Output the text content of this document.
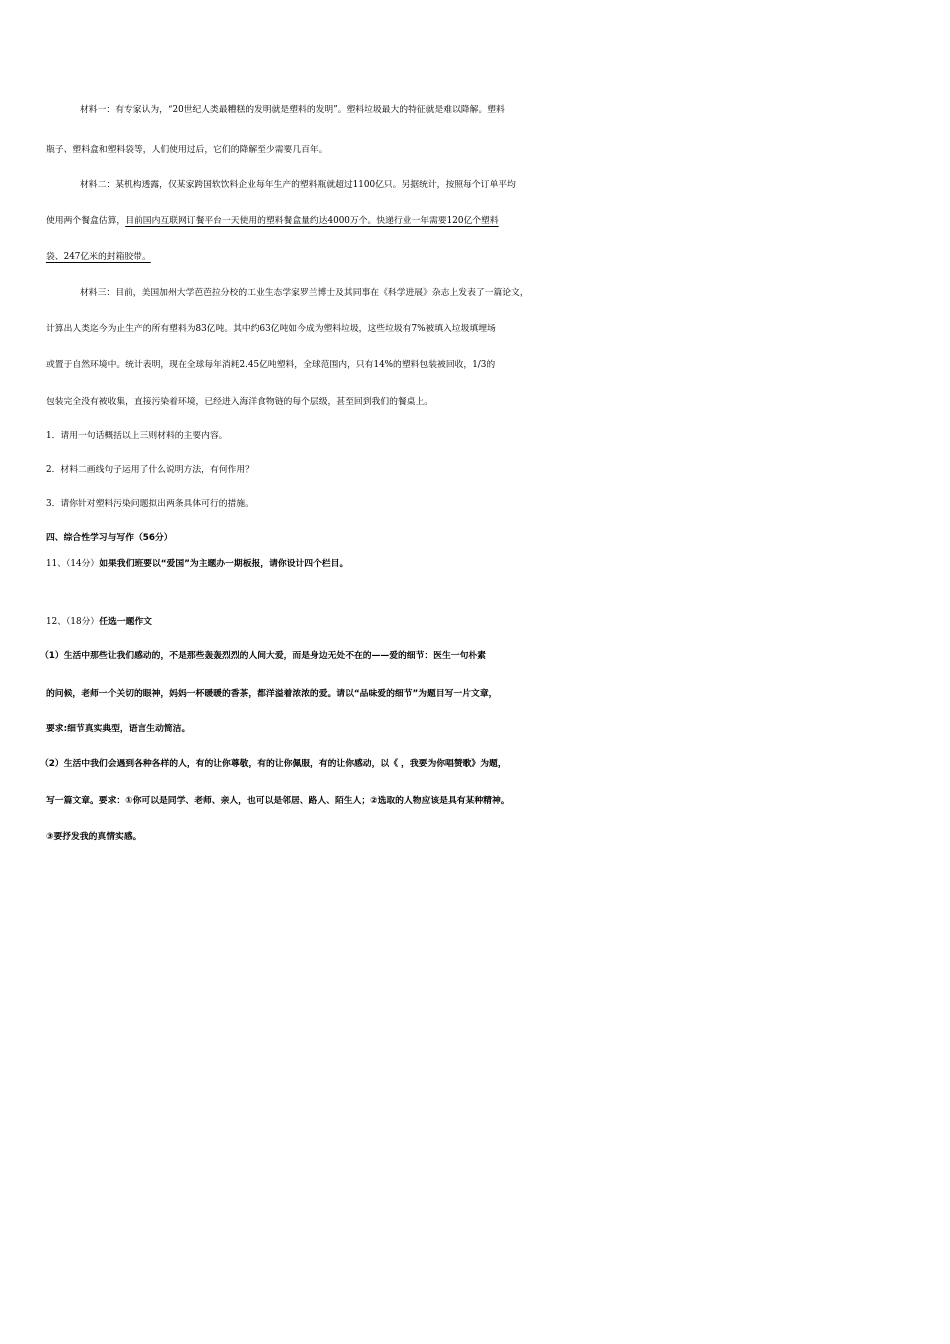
材料一：有专家认为，“20世纪人类最糟糕的发明就是塑料的发明”。塑料垃圾最大的特征就是难以降解。塑料
瓶子、塑料盒和塑料袋等，人们使用过后，它们的降解至少需要几百年。
材料二：某机构透露，仅某家跨国软饮料企业每年生产的塑料瓶就超过1100亿只。另据统计，按照每个订单平均
使用两个餐盒估算，目前国内互联网订餐平台一天使用的塑料餐盒量约达4000万个。快递行业一年需要120亿个塑料
袋、247亿米的封箱胶带。
材料三：目前，美国加州大学芭芭拉分校的工业生态学家罗兰博士及其同事在《科学进展》杂志上发表了一篇论文，
计算出人类迄今为止生产的所有塑料为83亿吨。其中约63亿吨如今成为塑料垃圾，这些垃圾有7%被填入垃圾填埋场
或置于自然环境中。统计表明，现在全球每年消耗2.45亿吨塑料，全球范围内，只有14%的塑料包装被回收，1/3的
包装完全没有被收集，直接污染着环境，已经进入海洋食物链的每个层级，甚至回到我们的餐桌上。
1．请用一句话概括以上三则材料的主要内容。
2．材料二画线句子运用了什么说明方法，有何作用？
3．请你针对塑料污染问题拟出两条具体可行的措施。
四、综合性学习与写作（56分）
11、（14分）如果我们班要以“爱国”为主题办一期板报，请你设计四个栏目。
12、（18分）任选一题作文
（1）生活中那些让我们感动的，不是那些轰轰烈烈的人间大爱，而是身边无处不在的——爱的细节：医生一句朴素
的问候，老师一个关切的眼神，妈妈一杯暖暖的香茶，都洋溢着浓浓的爱。请以“品味爱的细节”为题目写一片文章，
要求:细节真实典型，语言生动简洁。
（2）生活中我们会遇到各种各样的人，有的让你尊敬，有的让你佩服，有的让你感动，以《 ，我要为你唱赞歌》为题，
写一篇文章。要求：①你可以是同学、老师、亲人，也可以是邻居、路人、陌生人；②选取的人物应该是具有某种精神。
③要抒发我的真情实感。
